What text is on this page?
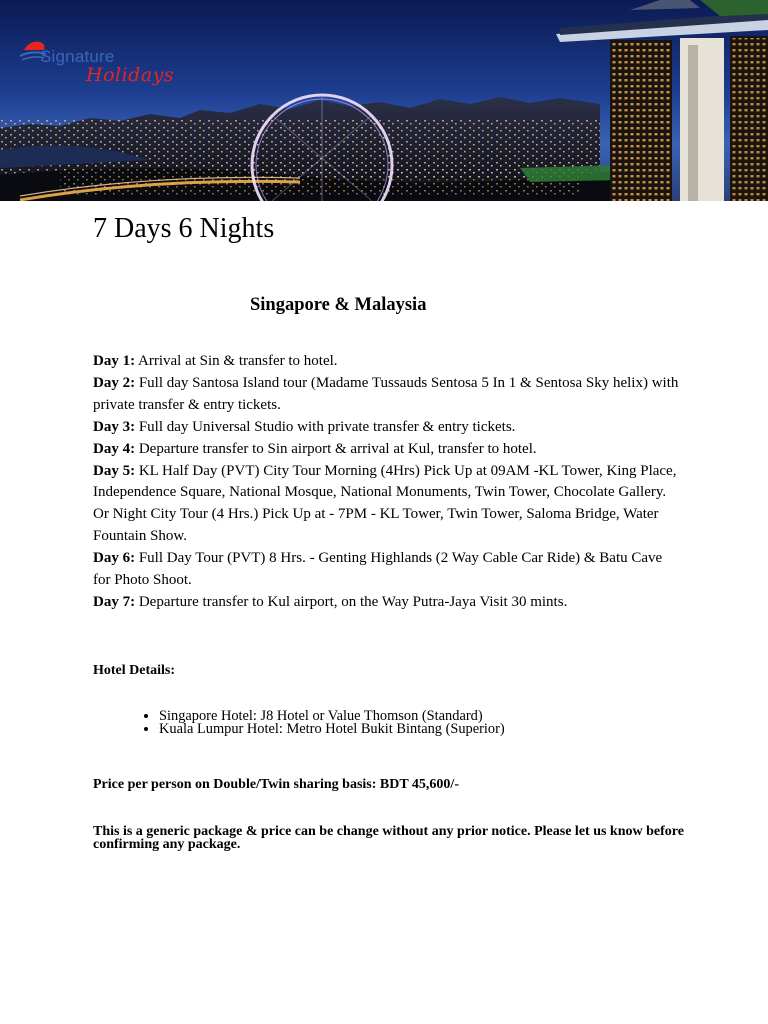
Signature
Holidays
7 Days 6 Nights
Singapore & Malaysia

Day 1: Arrival at Sin & transfer to hotel.

Day 2: Full day Santosa Island tour (Madame Tussauds Sentosa 5 In 1 & Sentosa Sky helix) with private transfer & entry tickets.

Day 3: Full day Universal Studio with private transfer & entry tickets.

Day 4: Departure transfer to Sin airport & arrival at Kul, transfer to hotel.

Day 5: KL Half Day (PVT) City Tour Morning (4Hrs) Pick Up at 09AM -KL Tower, King Place, Independence Square, National Mosque, National Monuments, Twin Tower, Chocolate Gallery. Or Night City Tour (4 Hrs.) Pick Up at - 7PM - KL Tower, Twin Tower, Saloma Bridge, Water Fountain Show.

Day 6: Full Day Tour (PVT) 8 Hrs. - Genting Highlands (2 Way Cable Car Ride) & Batu Cave for Photo Shoot.

Day 7: Departure transfer to Kul airport, on the Way Putra-Jaya Visit 30 mints.

Hotel Details:

• Singapore Hotel: J8 Hotel or Value Thomson (Standard)
• Kuala Lumpur Hotel: Metro Hotel Bukit Bintang (Superior)

Price per person on Double/Twin sharing basis: BDT 45,600/-

This is a generic package & price can be change without any prior notice. Please let us know before confirming any package.
